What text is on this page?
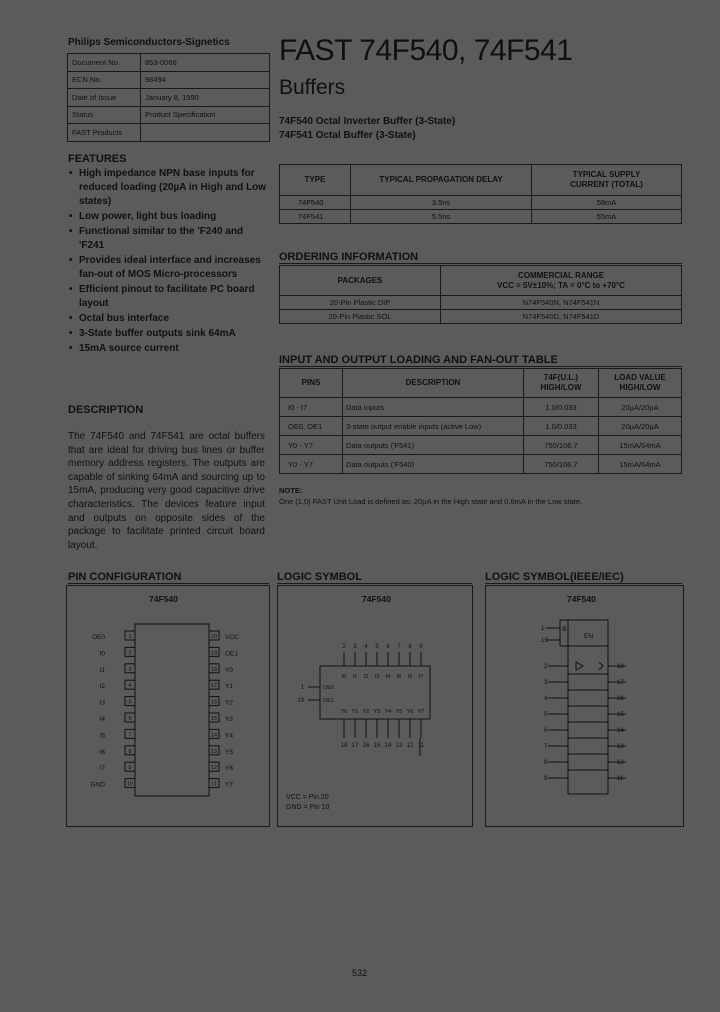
Philips Semiconductors-Signetics
Document No.	853-0066
ECN No.	98494
Date of Issue	January 8, 1990
Status	Product Specification
FAST Products	
FAST 74F540, 74F541
Buffers
74F540 Octal Inverter Buffer (3-State)
74F541 Octal Buffer (3-State)
FEATURES
• High impedance NPN base inputs for reduced loading (20µA in High and Low states)
• Low power, light bus loading
• Functional similar to the 'F240 and 'F241
• Provides ideal interface and increases fan-out of MOS Micro-processors
• Efficient pinout to facilitate PC board layout
• Octal bus interface
• 3-State buffer outputs sink 64mA
• 15mA source current
DESCRIPTION
The 74F540 and 74F541 are octal buffers that are ideal for driving bus lines or buffer memory address registers. The outputs are capable of sinking 64mA and sourcing up to 15mA, producing very good capacitive drive characteristics. The devices feature input and outputs on opposite sides of the package to facilitate printed circuit board layout.
TYPE	TYPICAL PROPAGATION DELAY	TYPICAL SUPPLY CURRENT (TOTAL)
74F540	3.5ns	58mA
74F541	5.5ns	55mA
ORDERING INFORMATION
PACKAGES	COMMERCIAL RANGE
VCC = 5V±10%; TA = 0°C to +70°C

20-Pin Plastic DIP	N74F540N, N74F541N
20-Pin Plastic SOL	N74F540D, N74F541D
INPUT AND OUTPUT LOADING AND FAN-OUT TABLE
PINS	DESCRIPTION	74F(U.L.) HIGH/LOW	LOAD VALUE HIGH/LOW
I0 - I7	Data inputs	1.0/0.033	20µA/20µA
OE0, OE1	3-state output enable inputs (active Low)	1.0/0.033	20µA/20µA
Y0 - Y7	Data outputs ('F541)	750/106.7	15mA/64mA
Y0 - Y7	Data outputs ('F540)	750/106.7	15mA/64mA
NOTE:
One (1.0) FAST Unit Load is defined as: 20µA in the High state and 0.6mA in the Low state.
PIN CONFIGURATION	LOGIC SYMBOL	LOGIC SYMBOL(IEEE/IEC)
74F540
OE0	1
I0	2
I1	3
I2	4
I3	5
I4	6
I5	7
I6	8
I7	9
GND	10
20 VCC
19 OE1
18 Y0
17 Y1
16 Y2
15 Y3
14 Y4
13 Y5
12 Y6
11 Y7
74F540
VCC = Pin 20
GND = Pin 10
2
I0
Y0
18
3
I1
Y1
17
4
I2
Y2
16
5
I3
Y3
15
6
I4
Y4
14
7
I5
Y5
13
8
I6
Y6
12
9
I7
Y7
11
1	OE0
19	OE1
74F540
&
EN
1
19
2	18
3	17
4	16
5	15
6	14
7	13
8	12
9	11
532
